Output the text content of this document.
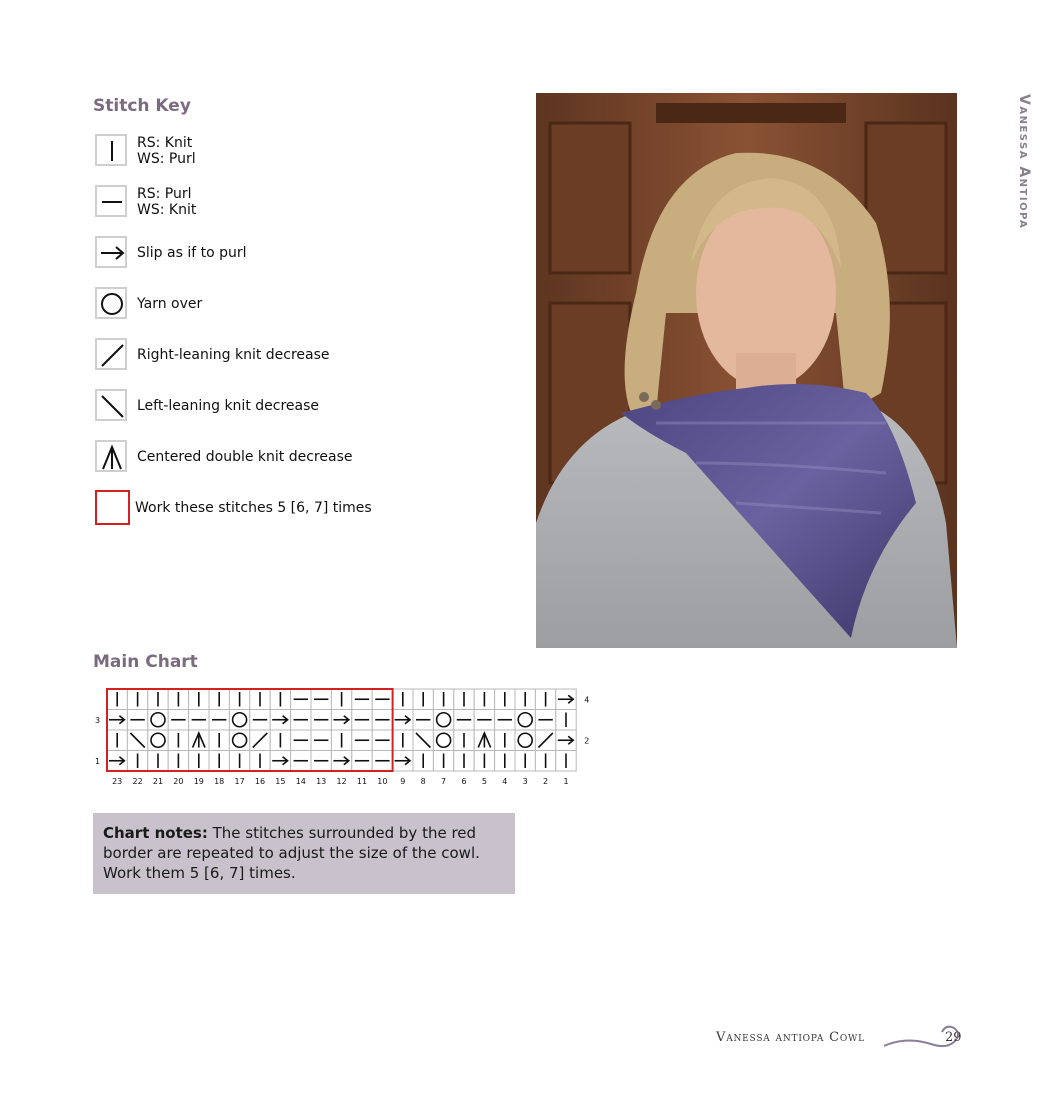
Vanessa Antiopa
Stitch Key
RS: Knit
WS: Purl
RS: Purl
WS: Knit
Slip as if to purl
Yarn over
Right-leaning knit decrease
Left-leaning knit decrease
Centered double knit decrease
Work these stitches 5 [6, 7] times
Main Chart
4
3
2
1
23 22 21 20 19 18 17 16 15 14 13 12 11 10 9 8 7 6 5 4 3 2 1
Chart notes: The stitches surrounded by the red border are repeated to adjust the size of the cowl. Work them 5 [6, 7] times.
Vanessa antiopa Cowl	29
